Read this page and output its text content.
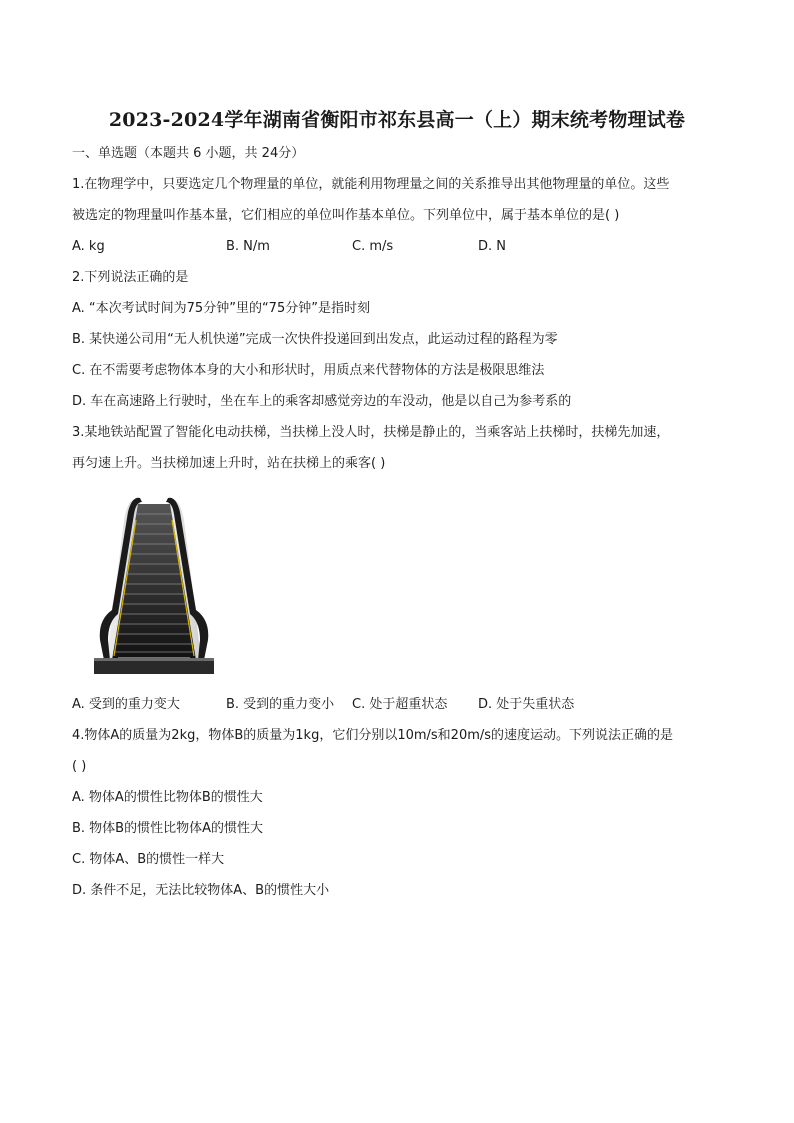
2023-2024学年湖南省衡阳市祁东县高一（上）期末统考物理试卷
一、单选题（本题共 6 小题，共 24分）
1.在物理学中，只要选定几个物理量的单位，就能利用物理量之间的关系推导出其他物理量的单位。这些
被选定的物理量叫作基本量，它们相应的单位叫作基本单位。下列单位中，属于基本单位的是( )
A. kg	B. N/m	C. m/s	D. N
2.下列说法正确的是
A. “本次考试时间为75分钟”里的“75分钟”是指时刻
B. 某快递公司用“无人机快递”完成一次快件投递回到出发点，此运动过程的路程为零
C. 在不需要考虑物体本身的大小和形状时，用质点来代替物体的方法是极限思维法
D. 车在高速路上行驶时，坐在车上的乘客却感觉旁边的车没动，他是以自己为参考系的
3.某地铁站配置了智能化电动扶梯，当扶梯上没人时，扶梯是静止的，当乘客站上扶梯时，扶梯先加速，
再匀速上升。当扶梯加速上升时，站在扶梯上的乘客( )
A. 受到的重力变大	B. 受到的重力变小 C. 处于超重状态 D. 处于失重状态
4.物体A的质量为2kg，物体B的质量为1kg，它们分别以10m/s和20m/s的速度运动。下列说法正确的是
( )
A. 物体A的惯性比物体B的惯性大
B. 物体B的惯性比物体A的惯性大
C. 物体A、B的惯性一样大
D. 条件不足，无法比较物体A、B的惯性大小
